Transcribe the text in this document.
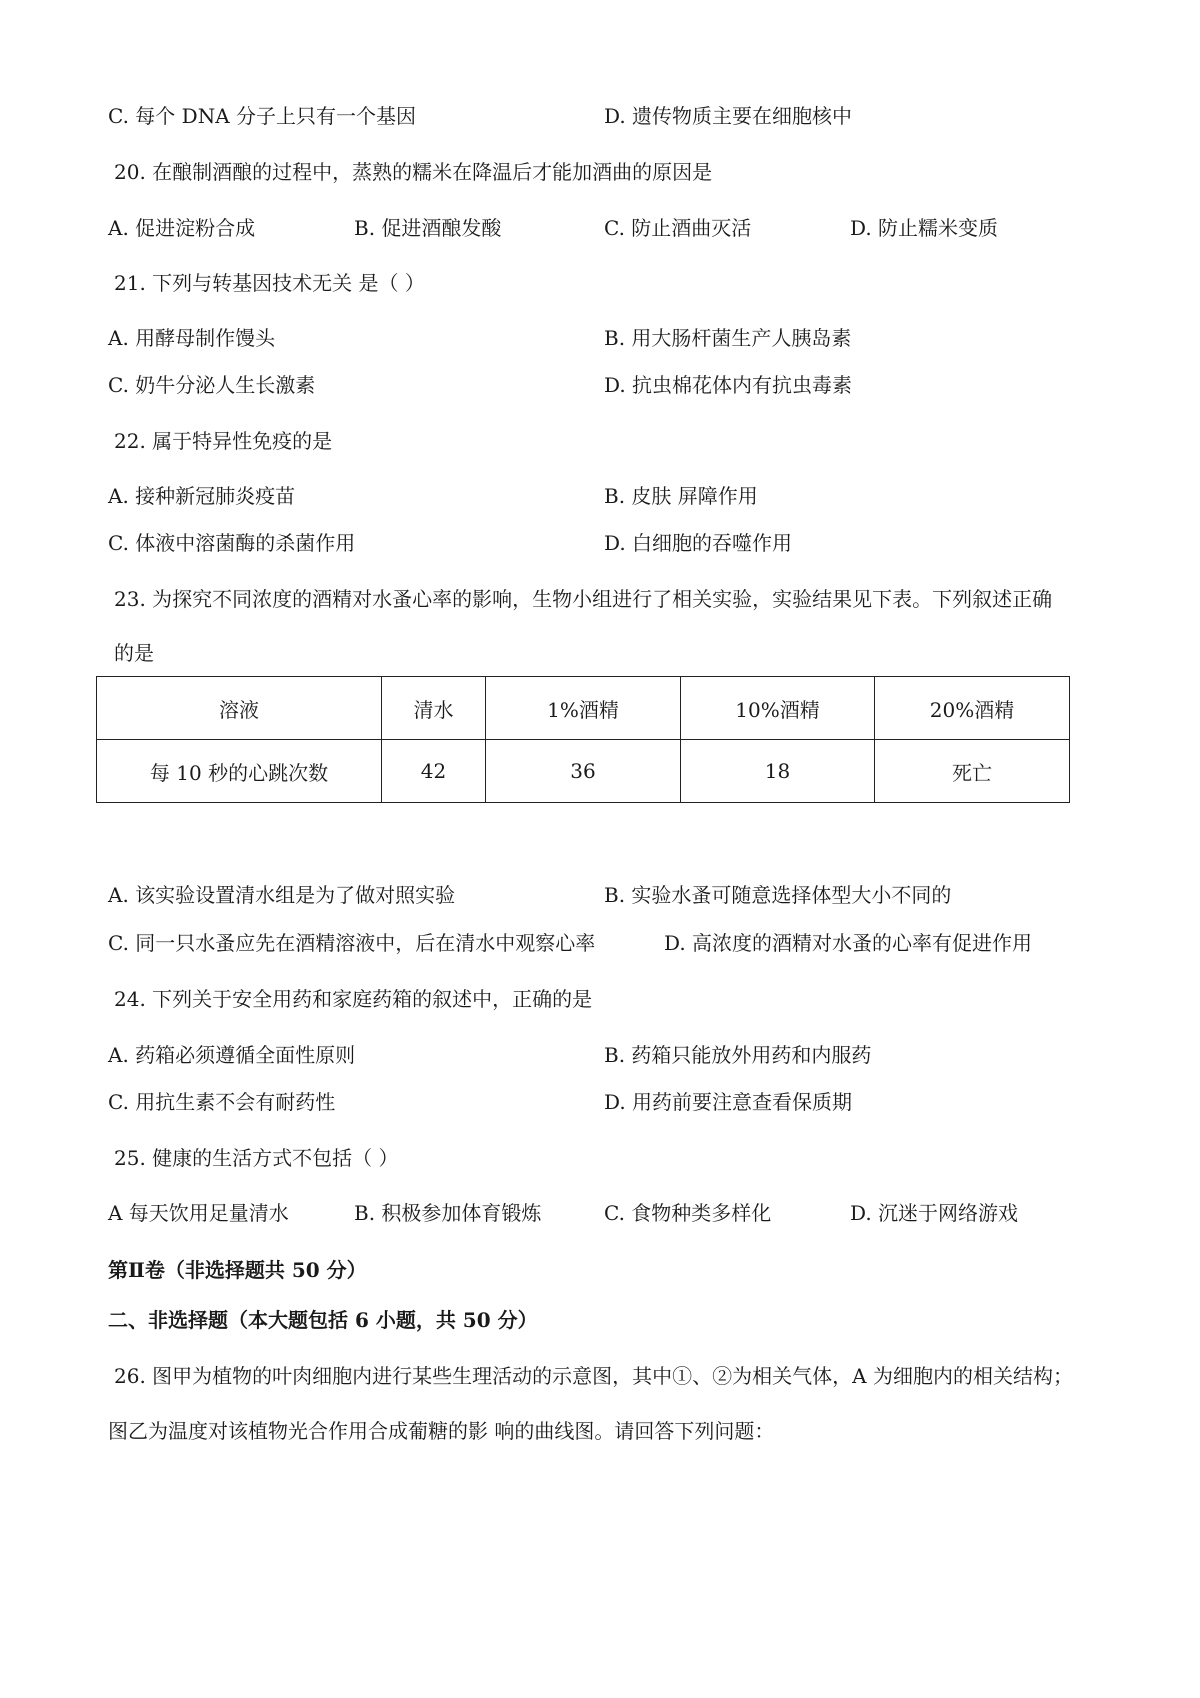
C. 每个 DNA 分子上只有一个基因	D. 遗传物质主要在细胞核中
20. 在酿制酒酿的过程中，蒸熟的糯米在降温后才能加酒曲的原因是
A. 促进淀粉合成	B. 促进酒酿发酸	C. 防止酒曲灭活	D. 防止糯米变质
21. 下列与转基因技术无关 是（ ）
A. 用酵母制作馒头	B. 用大肠杆菌生产人胰岛素
C. 奶牛分泌人生长激素	D. 抗虫棉花体内有抗虫毒素
22. 属于特异性免疫的是
A. 接种新冠肺炎疫苗	B. 皮肤 屏障作用
C. 体液中溶菌酶的杀菌作用	D. 白细胞的吞噬作用
23. 为探究不同浓度的酒精对水蚤心率的影响，生物小组进行了相关实验，实验结果见下表。下列叙述正确
的是
溶液	清水	1%酒精	10%酒精	20%酒精
每 10 秒的心跳次数	42	36	18	死亡
A. 该实验设置清水组是为了做对照实验	B. 实验水蚤可随意选择体型大小不同的
C. 同一只水蚤应先在酒精溶液中，后在清水中观察心率	D. 高浓度的酒精对水蚤的心率有促进作用
24. 下列关于安全用药和家庭药箱的叙述中，正确的是
A. 药箱必须遵循全面性原则	B. 药箱只能放外用药和内服药
C. 用抗生素不会有耐药性	D. 用药前要注意查看保质期
25. 健康的生活方式不包括（ ）
A 每天饮用足量清水	B. 积极参加体育锻炼	C. 食物种类多样化	D. 沉迷于网络游戏
第Ⅱ卷（非选择题共 50 分）
二、非选择题（本大题包括 6 小题，共 50 分）
26. 图甲为植物的叶肉细胞内进行某些生理活动的示意图，其中①、②为相关气体，A 为细胞内的相关结构；
图乙为温度对该植物光合作用合成葡糖的影 响的曲线图。请回答下列问题：
